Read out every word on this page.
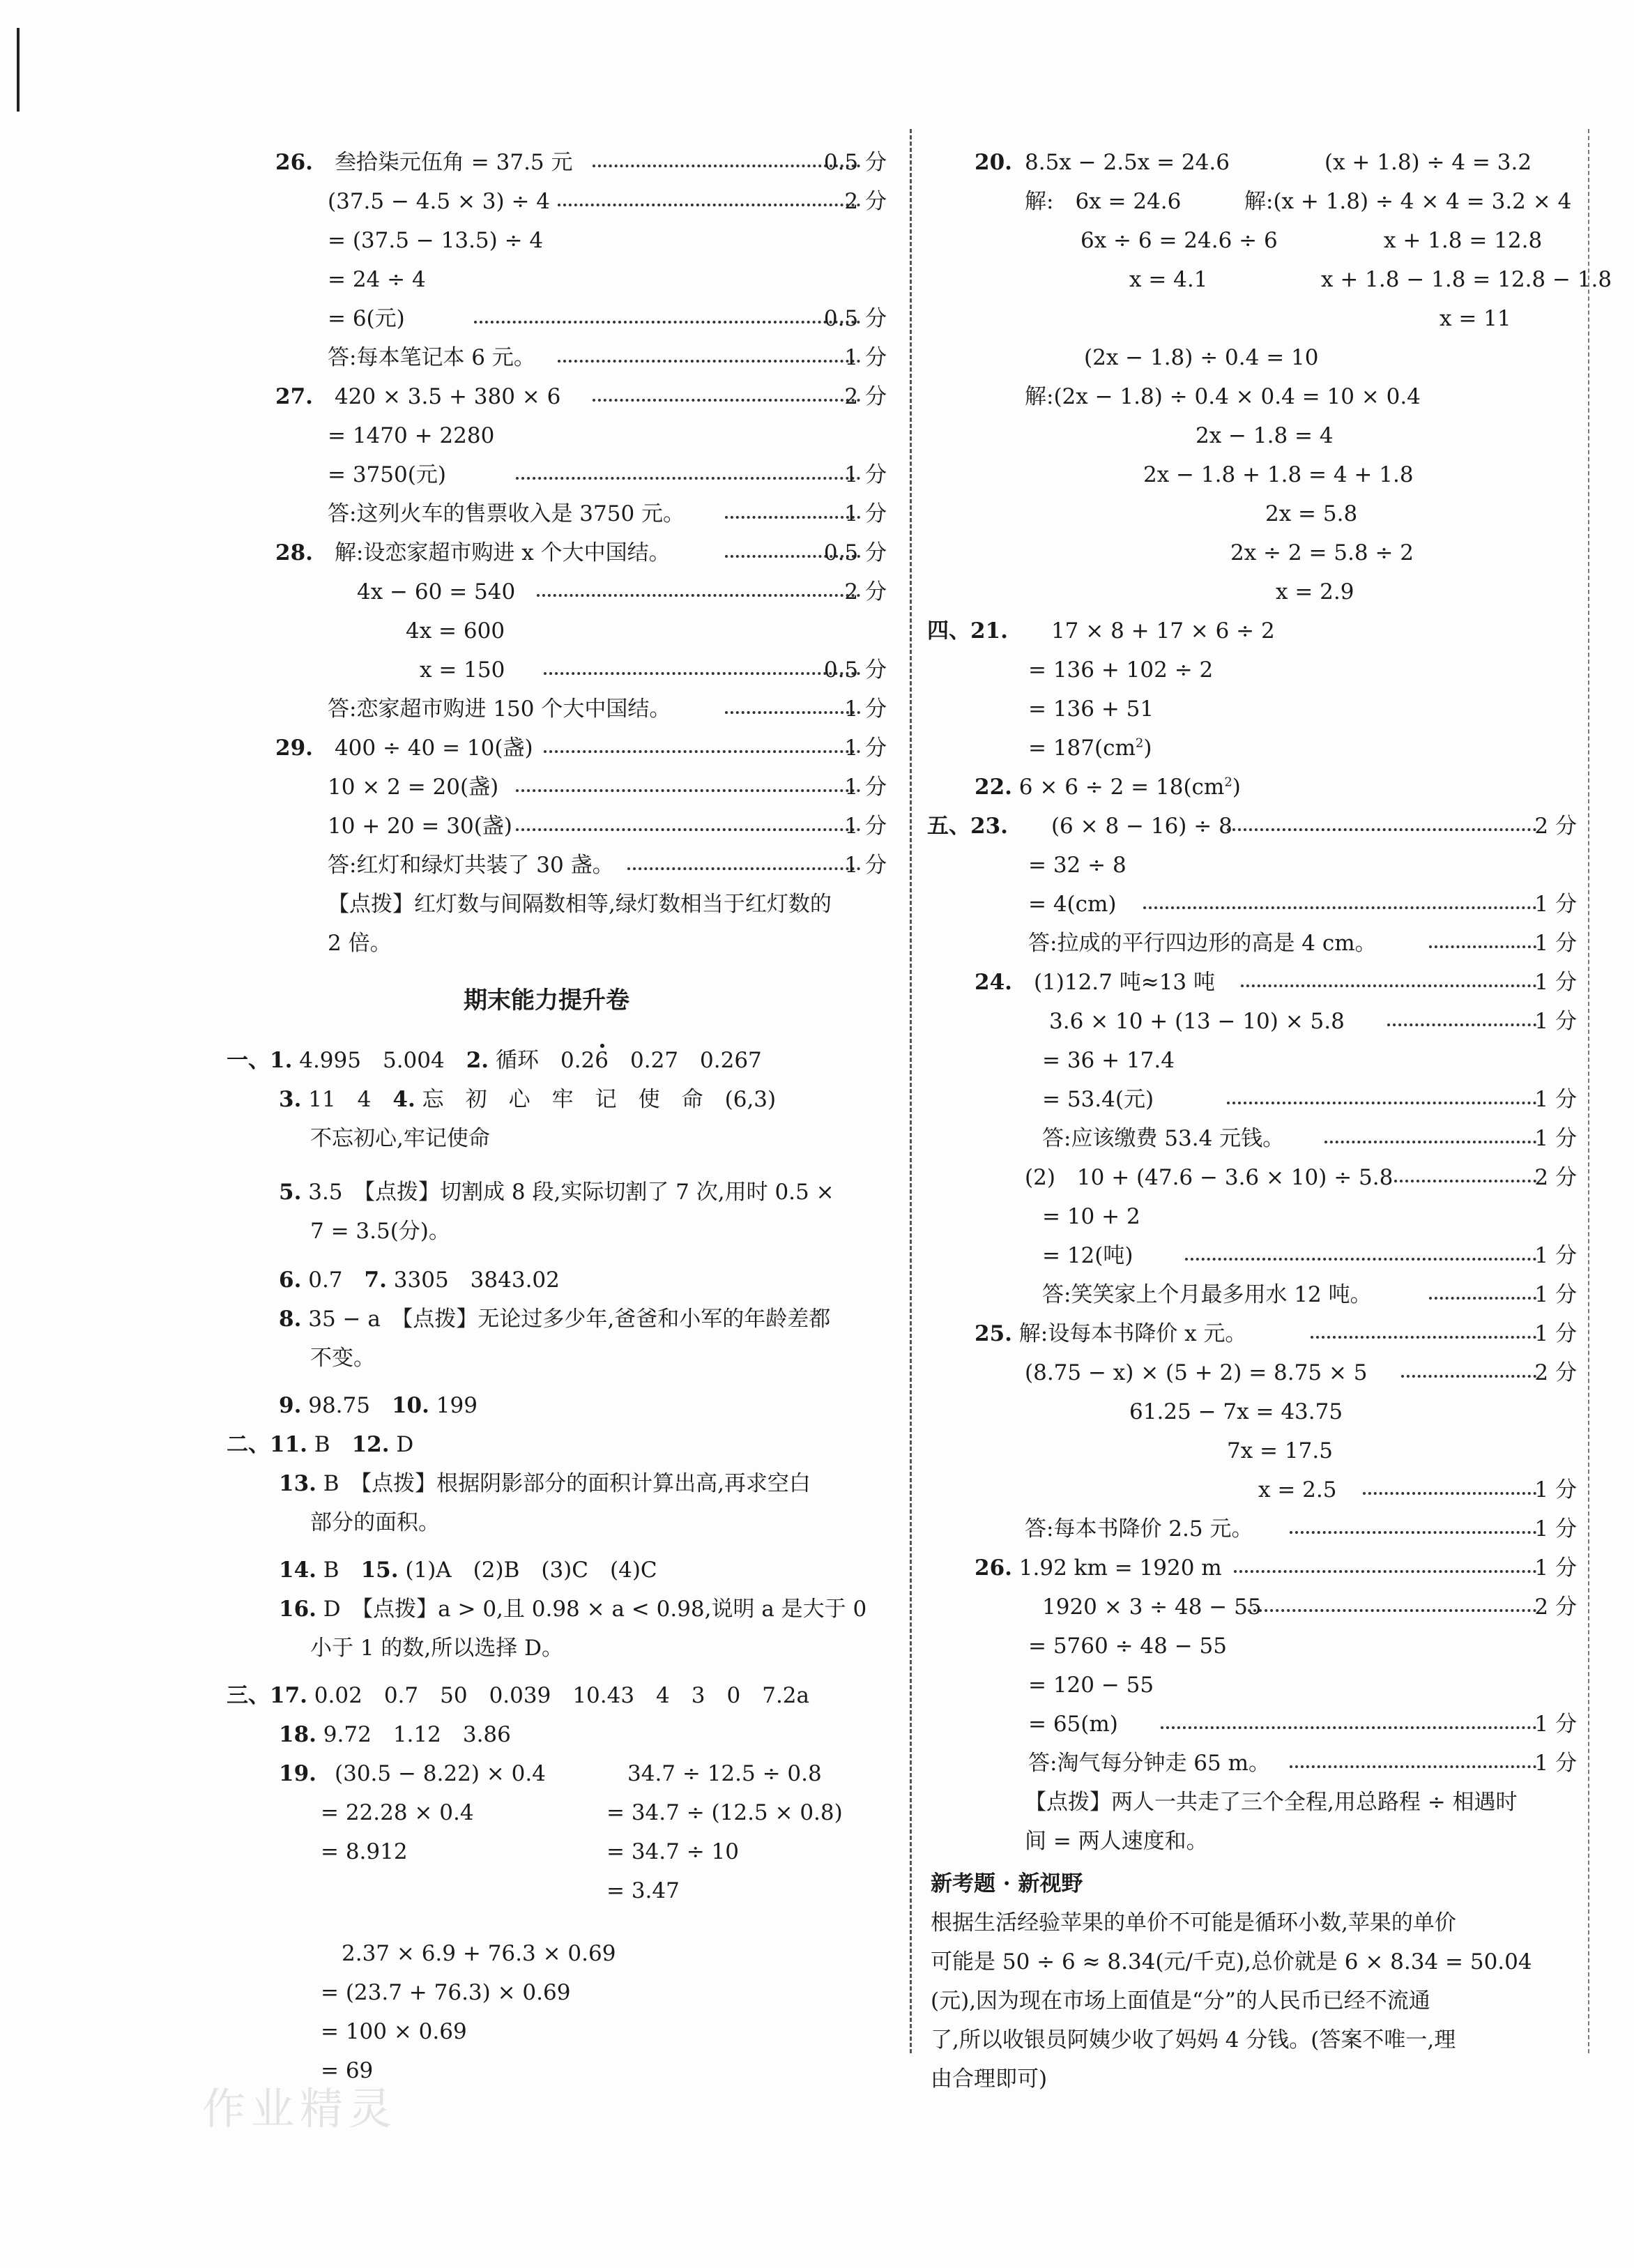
26.　 叁拾柒元伍角 = 37.5 元	0.5 分
(37.5 − 4.5 × 3) ÷ 4	2 分
= (37.5 − 13.5) ÷ 4
= 24 ÷ 4
= 6(元)	0.5 分
答:每本笔记本 6 元。	1 分
27.　 420 × 3.5 + 380 × 6	2 分
= 1470 + 2280
= 3750(元)	1 分
答:这列火车的售票收入是 3750 元。	1 分
28.　 解:设恋家超市购进 x 个大中国结。	0.5 分
4x − 60 = 540	2 分
4x = 600
x = 150	0.5 分
答:恋家超市购进 150 个大中国结。	1 分
29.　 400 ÷ 40 = 10(盏)	1 分
10 × 2 = 20(盏)	1 分
10 + 20 = 30(盏)	1 分
答:红灯和绿灯共装了 30 盏。	1 分
【点拨】红灯数与间隔数相等,绿灯数相当于红灯数的
2 倍。
期末能力提升卷
一、1. 4.995　5.004　 2. 循环　0.26　0.27　0.267
3. 11　4　 4. 忘　初　心　牢　记　使　命　(6,3)
不忘初心,牢记使命
5. 3.5　【点拨】切割成 8 段,实际切割了 7 次,用时 0.5 ×
7 = 3.5(分)。
6. 0.7　 7. 3305　3843.02
8. 35 − a　【点拨】无论过多少年,爸爸和小军的年龄差都
不变。
9. 98.75　 10. 199
二、11. B　 12. D
13. B　【点拨】根据阴影部分的面积计算出高,再求空白
部分的面积。
14. B　 15. (1)A　(2)B　(3)C　(4)C
16. D　【点拨】a > 0,且 0.98 × a < 0.98,说明 a 是大于 0
小于 1 的数,所以选择 D。
三、17. 0.02　0.7　50　0.039　10.43　4　3　0　7.2a
18. 9.72　1.12　3.86
19. (30.5 − 8.22) × 0.4
= 22.28 × 0.4
= 8.912
34.7 ÷ 12.5 ÷ 0.8
= 34.7 ÷ (12.5 × 0.8)
= 34.7 ÷ 10
= 3.47
2.37 × 6.9 + 76.3 × 0.69
= (23.7 + 76.3) × 0.69
= 100 × 0.69
= 69
20. 8.5x − 2.5x = 24.6
解:　6x = 24.6
6x ÷ 6 = 24.6 ÷ 6
x = 4.1
(x + 1.8) ÷ 4 = 3.2
解:(x + 1.8) ÷ 4 × 4 = 3.2 × 4
x + 1.8 = 12.8
x + 1.8 − 1.8 = 12.8 − 1.8
x = 11
(2x − 1.8) ÷ 0.4 = 10
解:(2x − 1.8) ÷ 0.4 × 0.4 = 10 × 0.4
2x − 1.8 = 4
2x − 1.8 + 1.8 = 4 + 1.8
2x = 5.8
2x ÷ 2 = 5.8 ÷ 2
x = 2.9
四、21.　　 17 × 8 + 17 × 6 ÷ 2
= 136 + 102 ÷ 2
= 136 + 51
= $187(cm^2)$
22. $6 \times 6 \div 2 = 18(cm^2)$
五、23.　　 (6 × 8 − 16) ÷ 8	2 分
= 32 ÷ 8
= 4(cm)	1 分
答:拉成的平行四边形的高是 4 cm。	1 分
24.　 (1)12.7 吨≈13 吨	1 分
3.6 × 10 + (13 − 10) × 5.8	1 分
= 36 + 17.4
= 53.4(元)	1 分
答:应该缴费 53.4 元钱。	1 分
(2)　10 + (47.6 − 3.6 × 10) ÷ 5.8	2 分
= 10 + 2
= 12(吨)	1 分
答:笑笑家上个月最多用水 12 吨。	1 分
25. 解:设每本书降价 x 元。	1 分
(8.75 − x) × (5 + 2) = 8.75 × 5	2 分
61.25 − 7x = 43.75
7x = 17.5
x = 2.5	1 分
答:每本书降价 2.5 元。	1 分
26. 1.92 km = 1920 m	1 分
1920 × 3 ÷ 48 − 55	2 分
= 5760 ÷ 48 − 55
= 120 − 55
= 65(m)	1 分
答:淘气每分钟走 65 m。	1 分
【点拨】两人一共走了三个全程,用总路程 ÷ 相遇时
间 = 两人速度和。
新考题 · 新视野
根据生活经验苹果的单价不可能是循环小数,苹果的单价
可能是 50 ÷ 6 ≈ 8.34(元/千克),总价就是 6 × 8.34 = 50.04
(元),因为现在市场上面值是“分”的人民币已经不流通
了,所以收银员阿姨少收了妈妈 4 分钱。(答案不唯一,理
由合理即可)
作业精灵
